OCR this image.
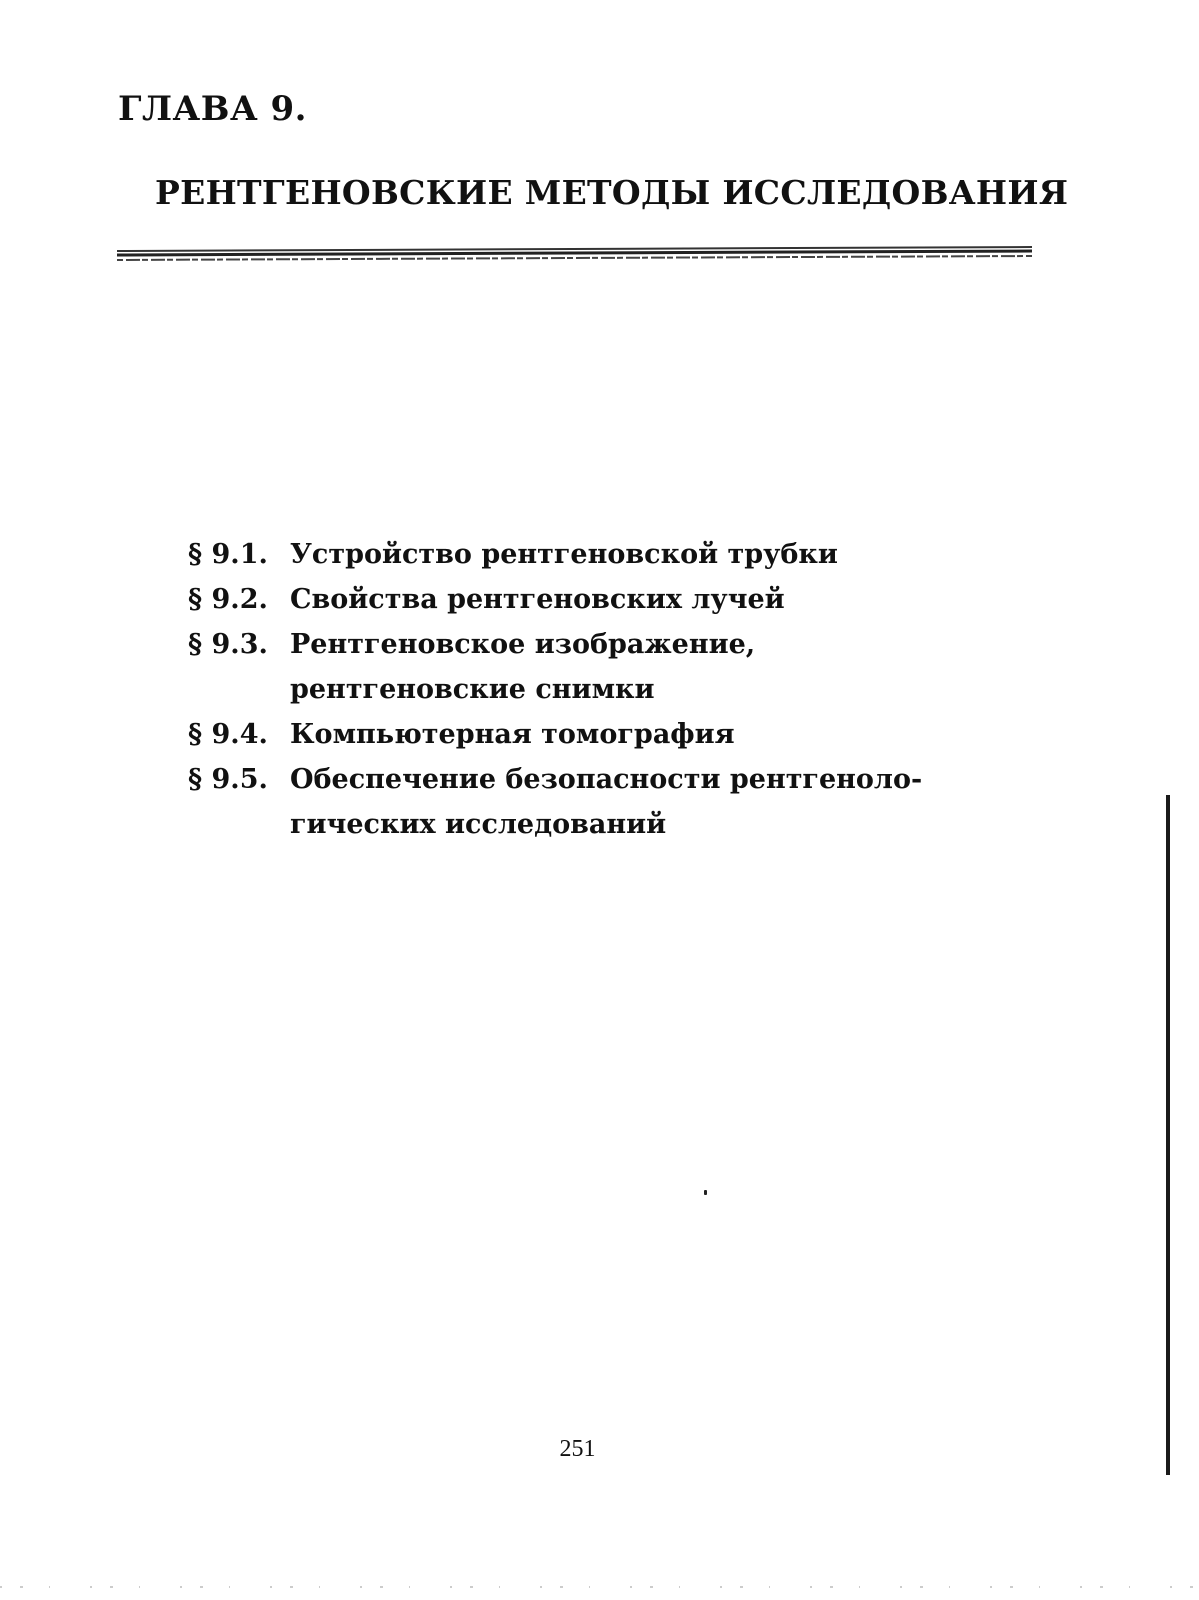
ГЛАВА 9.
РЕНТГЕНОВСКИЕ МЕТОДЫ ИССЛЕДОВАНИЯ
§ 9.1. Устройство рентгеновской трубки
§ 9.2. Свойства рентгеновских лучей
§ 9.3. Рентгеновское изображение,
рентгеновские снимки
§ 9.4. Компьютерная томография
§ 9.5. Обеспечение безопасности рентгеноло-
гических исследований
251
